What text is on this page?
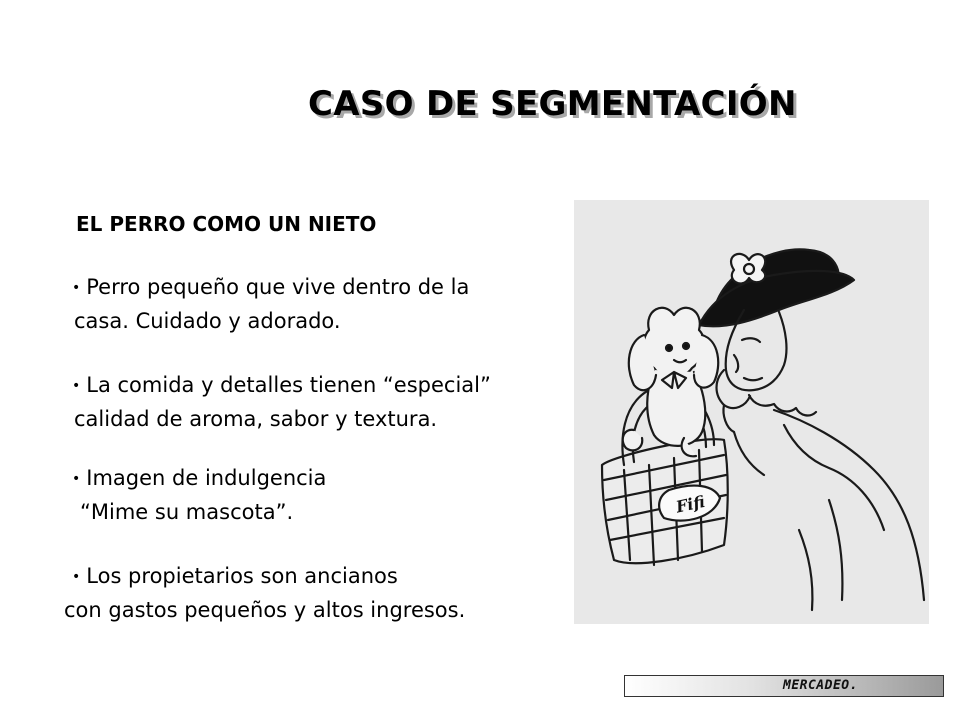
CASO DE SEGMENTACIÓN

EL PERRO COMO UN NIETO

• Perro pequeño que vive dentro de la
casa. Cuidado y adorado.

• La comida y detalles tienen “especial”
calidad de aroma, sabor y textura.

• Imagen de indulgencia
“Mime su mascota”.

• Los propietarios son ancianos
con gastos pequeños y altos ingresos.

Fifi
MERCADEO.
